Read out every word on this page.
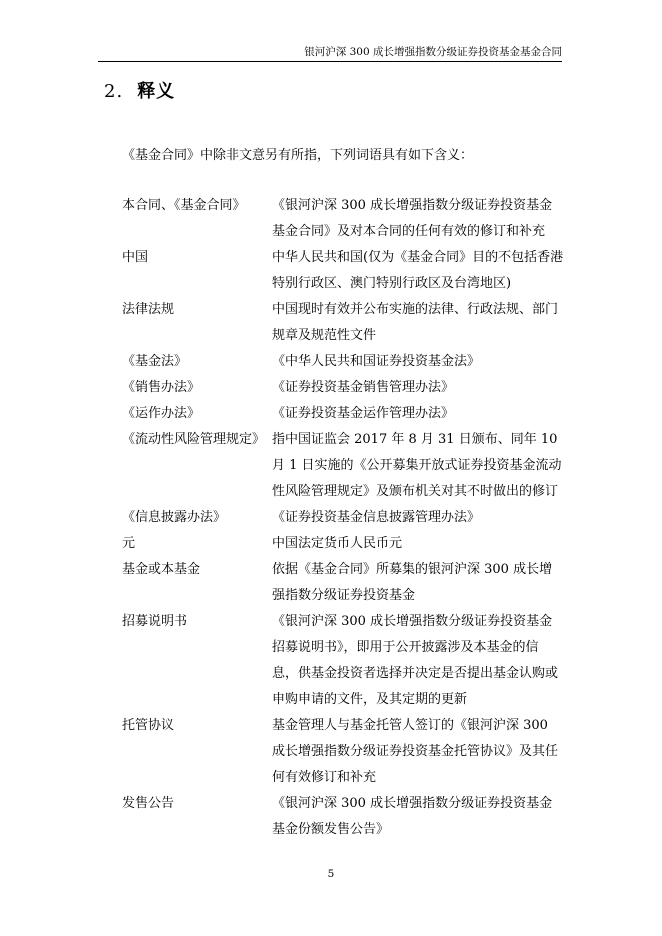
银河沪深 300 成长增强指数分级证券投资基金基金合同
2. 释义
《基金合同》中除非文意另有所指，下列词语具有如下含义：
本合同、《基金合同》	《银河沪深 300 成长增强指数分级证券投资基金基金合同》及对本合同的任何有效的修订和补充
中国	中华人民共和国(仅为《基金合同》目的不包括香港特别行政区、澳门特别行政区及台湾地区)
法律法规	中国现时有效并公布实施的法律、行政法规、部门规章及规范性文件
《基金法》	《中华人民共和国证券投资基金法》
《销售办法》	《证券投资基金销售管理办法》
《运作办法》	《证券投资基金运作管理办法》
《流动性风险管理规定》 指中国证监会 2017 年 8 月 31 日颁布、同年 10 月 1 日实施的《公开募集开放式证券投资基金流动性风险管理规定》及颁布机关对其不时做出的修订
《信息披露办法》	《证券投资基金信息披露管理办法》
元	中国法定货币人民币元
基金或本基金	依据《基金合同》所募集的银河沪深 300 成长增强指数分级证券投资基金
招募说明书	《银河沪深 300 成长增强指数分级证券投资基金招募说明书》，即用于公开披露涉及本基金的信息，供基金投资者选择并决定是否提出基金认购或申购申请的文件，及其定期的更新
托管协议	基金管理人与基金托管人签订的《银河沪深 300 成长增强指数分级证券投资基金托管协议》及其任何有效修订和补充
发售公告	《银河沪深 300 成长增强指数分级证券投资基金基金份额发售公告》
5
